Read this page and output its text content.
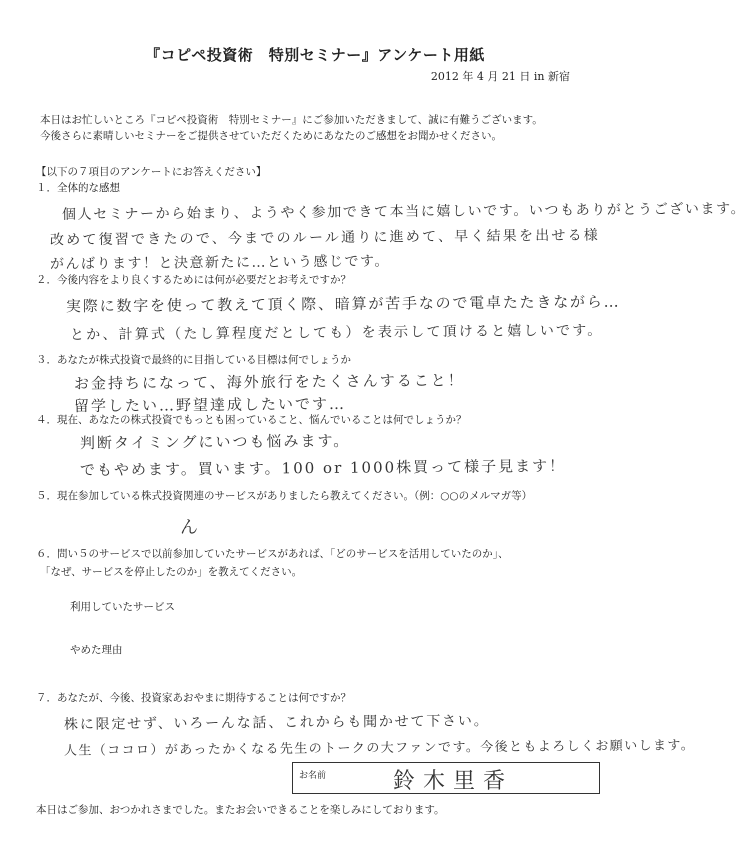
『コピペ投資術　特別セミナー』アンケート用紙
2012 年 4 月 21 日 in 新宿
本日はお忙しいところ『コピペ投資術　特別セミナー』にご参加いただきまして、誠に有難うございます。
今後さらに素晴しいセミナーをご提供させていただくためにあなたのご感想をお聞かせください。
【以下の７項目のアンケートにお答えください】
１．全体的な感想
個人セミナーから始まり、ようやく参加できて本当に嬉しいです。いつもありがとうございます。
改めて復習できたので、今までのルール通りに進めて、早く結果を出せる様
がんばります！と決意新たに…という感じです。
２．今後内容をより良くするためには何が必要だとお考えですか？
実際に数字を使って教えて頂く際、暗算が苦手なので電卓たたきながら…
とか、計算式（たし算程度だとしても）を表示して頂けると嬉しいです。
３．あなたが株式投資で最終的に目指している目標は何でしょうか
お金持ちになって、海外旅行をたくさんすること！
留学したい…野望達成したいです…
４．現在、あなたの株式投資でもっとも困っていること、悩んでいることは何でしょうか？
判断タイミングにいつも悩みます。
でもやめます。買います。100 or 1000株買って様子見ます！
５．現在参加している株式投資関連のサービスがありましたら教えてください。（例：○○のメルマガ等）
ん
６．問い５のサービスで以前参加していたサービスがあれば、「どのサービスを活用していたのか」、
「なぜ、サービスを停止したのか」を教えてください。
利用していたサービス
やめた理由
７．あなたが、今後、投資家あおやまに期待することは何ですか？
株に限定せず、いろーんな話、これからも聞かせて下さい。
人生（ココロ）があったかくなる先生のトークの大ファンです。今後ともよろしくお願いします。
お名前	鈴木里香
本日はご参加、おつかれさまでした。またお会いできることを楽しみにしております。
